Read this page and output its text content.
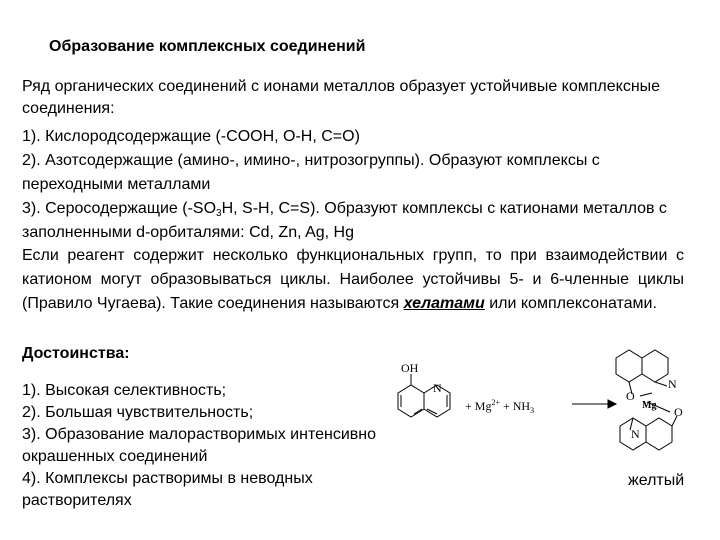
Образование комплексных соединений
Ряд органических соединений с ионами металлов образует устойчивые комплексные соединения:
1). Кислородсодержащие (-COOH, O-H, C=O)
2). Азотсодержащие (амино-, имино-, нитрозогруппы). Образуют комплексы с переходными металлами
3). Серосодержащие ($-SO_3H$, S-H, C=S). Образуют комплексы с катионами металлов с заполненными d-орбиталями: Cd, Zn, Ag, Hg
Если реагент содержит несколько функциональных групп, то при взаимодействии с катионом могут образовываться циклы. Наиболее устойчивы 5- и 6-членные циклы (Правило Чугаева). Такие соединения называются хелатами или комплексонатами.
Достоинства:
1). Высокая селективность;
2). Большая чувствительность;
3). Образование малорастворимых интенсивно окрашенных соединений
4). Комплексы растворимы в неводных растворителях
OH
N
+ $Mg^{2+} + NH_3$
N
O
Mg O
N
желтый
